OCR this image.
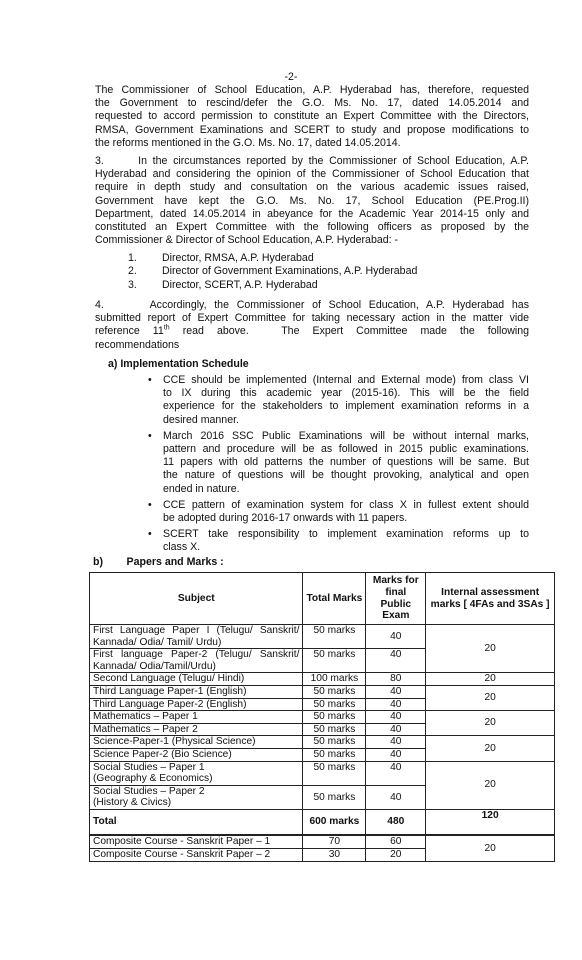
-2-
The Commissioner of School Education, A.P. Hyderabad has, therefore, requested
the Government to rescind/defer the G.O. Ms. No. 17, dated 14.05.2014 and
requested to accord permission to constitute an Expert Committee with the Directors,
RMSA, Government Examinations and SCERT to study and propose modifications to
the reforms mentioned in the G.O. Ms. No. 17, dated 14.05.2014.
3.      In the circumstances reported by the Commissioner of School Education, A.P.
Hyderabad and considering the opinion of the Commissioner of School Education that
require in depth study and consultation on the various academic issues raised,
Government have kept the G.O. Ms. No. 17, School Education (PE.Prog.II)
Department, dated 14.05.2014 in abeyance for the Academic Year 2014-15 only and
constituted an Expert Committee with the following officers as proposed by the
Commissioner & Director of School Education, A.P. Hyderabad: -
1. Director, RMSA, A.P. Hyderabad
2. Director of Government Examinations, A.P. Hyderabad
3. Director, SCERT, A.P. Hyderabad
4.      Accordingly, the Commissioner of School Education, A.P. Hyderabad has
submitted report of Expert Committee for taking necessary action in the matter vide
reference  11th  read  above.     The  Expert  Committee  made  the  following
recommendations
a) Implementation Schedule
• CCE should be implemented (Internal and External mode) from class VI
to IX during this academic year (2015-16). This will be the field
experience for the stakeholders to implement examination reforms in a
desired manner.
• March 2016 SSC Public Examinations will be without internal marks,
pattern and procedure will be as followed in 2015 public examinations.
11 papers with old patterns the number of questions will be same. But
the nature of questions will be thought provoking, analytical and open
ended in nature.
• CCE pattern of examination system for class X in fullest extent should
be adopted during 2016-17 onwards with 11 papers.
• SCERT take responsibility to implement examination reforms up to
class X.
b)        Papers and Marks :
Subject	Total Marks	Marks for final Public Exam	Internal assessment marks [ 4FAs and 3SAs ]
First Language Paper I (Telugu/ Sanskrit/ Kannada/ Odia/ Tamil/ Urdu)	50 marks	40	20
First language Paper-2 (Telugu/ Sanskrit/ Kannada/ Odia/Tamil/Urdu)	50 marks	40	
Second Language (Telugu/ Hindi)	100 marks	80	20
Third Language Paper-1 (English)	50 marks	40	20
Third Language Paper-2 (English)	50 marks	40	
Mathematics – Paper 1	50 marks	40	20
Mathematics – Paper 2	50 marks	40	
Science-Paper-1 (Physical Science)	50 marks	40	20
Science Paper-2 (Bio Science)	50 marks	40	

Social Studies – Paper 1
(Geography & Economics)	50 marks	40	20

Social Studies – Paper 2
(History & Civics)	50 marks	40	
Total	600 marks	480	120
Composite Course - Sanskrit Paper – 1	70	60	20
Composite Course - Sanskrit Paper – 2	30	20	
